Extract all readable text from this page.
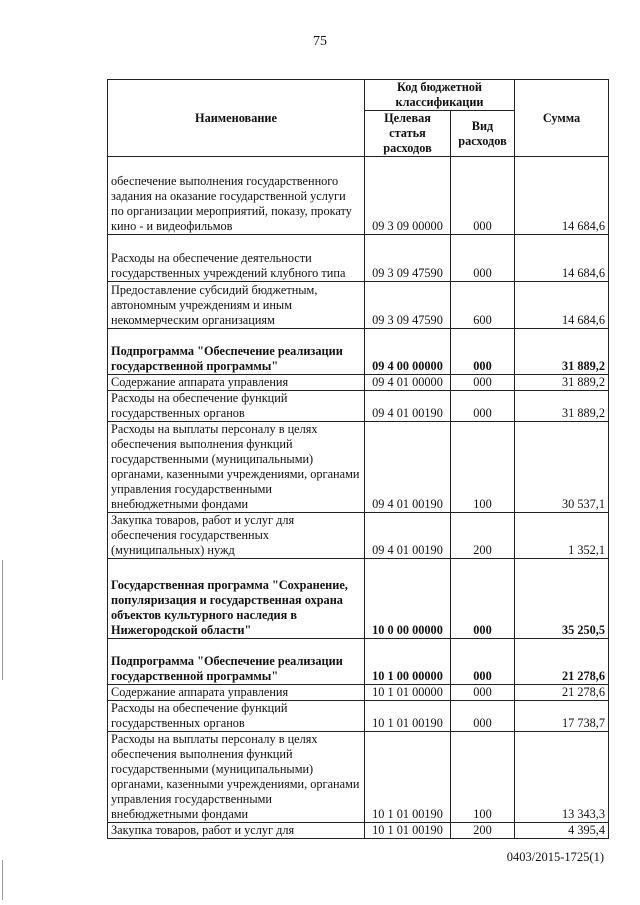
75
Наименование	Код бюджетной классификации		Сумма
	Целевая статья расходов	Вид расходов	
обеспечение выполнения государственного задания на оказание государственной услуги по организации мероприятий, показу, прокату кино - и видеофильмов	09 3 09 00000	000	14 684,6
Расходы на обеспечение деятельности государственных учреждений клубного типа	09 3 09 47590	000	14 684,6
Предоставление субсидий бюджетным, автономным учреждениям и иным некоммерческим организациям	09 3 09 47590	600	14 684,6
Подпрограмма "Обеспечение реализации государственной программы"	09 4 00 00000	000	31 889,2
Содержание аппарата управления	09 4 01 00000	000	31 889,2
Расходы на обеспечение функций государственных органов	09 4 01 00190	000	31 889,2
Расходы на выплаты персоналу в целях обеспечения выполнения функций государственными (муниципальными) органами, казенными учреждениями, органами управления государственными внебюджетными фондами	09 4 01 00190	100	30 537,1
Закупка товаров, работ и услуг для обеспечения государственных (муниципальных) нужд	09 4 01 00190	200	1 352,1
Государственная программа "Сохранение, популяризация и государственная охрана объектов культурного наследия в Нижегородской области"	10 0 00 00000	000	35 250,5
Подпрограмма "Обеспечение реализации государственной программы"	10 1 00 00000	000	21 278,6
Содержание аппарата управления	10 1 01 00000	000	21 278,6
Расходы на обеспечение функций государственных органов	10 1 01 00190	000	17 738,7
Расходы на выплаты персоналу в целях обеспечения выполнения функций государственными (муниципальными) органами, казенными учреждениями, органами управления государственными внебюджетными фондами	10 1 01 00190	100	13 343,3
Закупка товаров, работ и услуг для	10 1 01 00190	200	4 395,4
0403/2015-1725(1)
